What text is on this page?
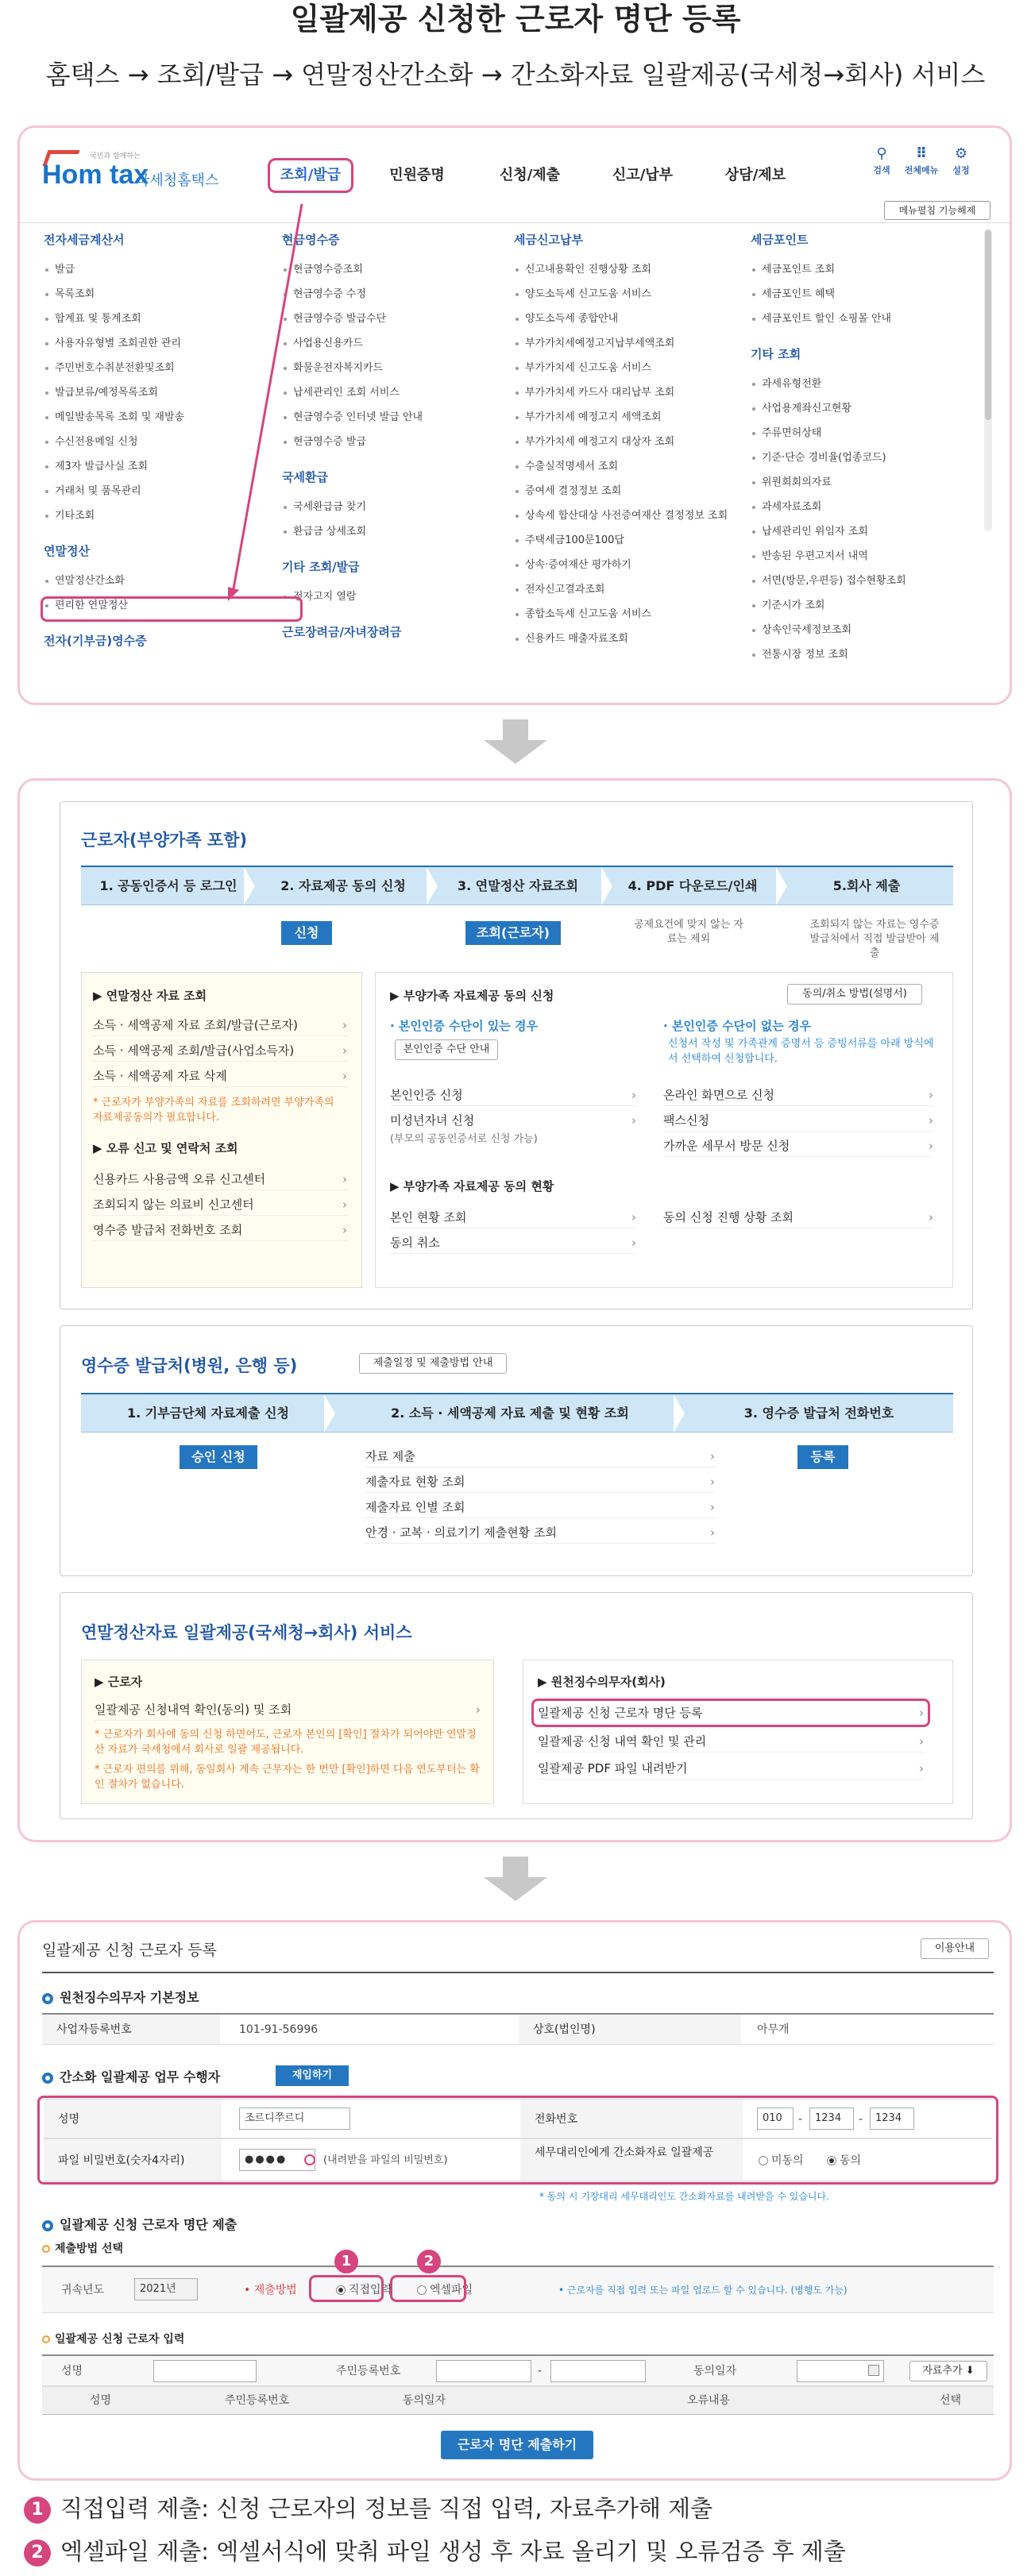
일괄제공 신청한 근로자 명단 등록
홈택스 → 조회/발급 → 연말정산간소화 → 간소화자료 일괄제공(국세청→회사) 서비스
국민과 함께하는
Hom tax
국세청홈택스	조회/발급	민원증명	신청/제출	신고/납부	상담/제보
⚲
검색
⠿
전체메뉴
⚙
설정
메뉴펼침 기능해제
전자세금계산서
발급
목록조회
합계표 및 통계조회
사용자유형별 조회권한 관리
주민번호수취분전환및조회
발급보류/예정목록조회
메일발송목록 조회 및 재발송
수신전용메일 신청
제3자 발급사실 조회
거래처 및 품목관리
기타조회
연말정산
연말정산간소화
편리한 연말정산
전자(기부금)영수증
현금영수증
현금영수증조회
현금영수증 수정
현금영수증 발급수단
사업용신용카드
화물운전자복지카드
납세관리인 조회 서비스
현금영수증 인터넷 발급 안내
현금영수증 발급
국세환급
국세환급금 찾기
환급금 상세조회
기타 조회/발급
전자고지 열람
근로장려금/자녀장려금
세금신고납부
신고내용확인 진행상황 조회
양도소득세 신고도움 서비스
양도소득세 종합안내
부가가치세예정고지납부세액조회
부가가치세 신고도움 서비스
부가가치세 카드사 대리납부 조회
부가가치세 예정고지 세액조회
부가가치세 예정고지 대상자 조회
수출실적명세서 조회
증여세 결정정보 조회
상속세 합산대상 사전증여재산 결정정보 조회
주택세금100문100답
상속·증여재산 평가하기
전자신고결과조회
종합소득세 신고도움 서비스
신용카드 매출자료조회
세금포인트
세금포인트 조회
세금포인트 혜택
세금포인트 할인 쇼핑몰 안내
기타 조회
과세유형전환
사업용계좌신고현황
주류면허상태
기준·단순 경비율(업종코드)
위원회회의자료
과세자료조회
납세관리인 위임자 조회
반송된 우편고지서 내역
서면(방문,우편등) 접수현황조회
기준시가 조회
상속인국세정보조회
전통시장 정보 조회
근로자(부양가족 포함)
1. 공동인증서 등 로그인	2. 자료제공 동의 신청	3. 연말정산 자료조회	4. PDF 다운로드/인쇄	5.회사 제출
신청	조회(근로자)
공제요건에 맞지 않는 자료는 제외
조회되지 않는 자료는 영수증 발급처에서 직접 발급받아 제출
▶ 연말정산 자료 조회
소득 · 세액공제 자료 조회/발급(근로자)	›
소득 · 세액공제 조회/발급(사업소득자)	›
소득 · 세액공제 자료 삭제	›
* 근로자가 부양가족의 자료를 조회하려면 부양가족의 자료제공동의가 필요합니다.
▶ 오류 신고 및 연락처 조회
신용카드 사용금액 오류 신고센터	›
조회되지 않는 의료비 신고센터	›
영수증 발급처 전화번호 조회	›
▶ 부양가족 자료제공 동의 신청	동의/취소 방법(설명서)
· 본인인증 수단이 있는 경우
본인인증 수단 안내
· 본인인증 수단이 없는 경우
신청서 작성 및 가족관계 증명서 등 증빙서류를 아래 방식에서 선택하여 신청합니다.
본인인증 신청	›
미성년자녀 신청	›
(부모의 공동인증서로 신청 가능)
온라인 화면으로 신청	›
팩스신청	›
가까운 세무서 방문 신청	›
▶ 부양가족 자료제공 동의 현황
본인 현황 조회	›
동의 취소	›
동의 신청 진행 상황 조회	›
영수증 발급처(병원, 은행 등)	제출일정 및 제출방법 안내
1. 기부금단체 자료제출 신청	2. 소득 · 세액공제 자료 제출 및 현황 조회	3. 영수증 발급처 전화번호
승인 신청	등록
자료 제출	›
제출자료 현황 조회	›
제출자료 인별 조회	›
안경 · 교복 · 의료기기 제출현황 조회	›
연말정산자료 일괄제공(국세청→회사) 서비스
▶ 근로자
일괄제공 신청내역 확인(동의) 및 조회	›
* 근로자가 회사에 동의 신청 하면어도, 근로자 본인의 [확인] 절차가 되어야만 연말정산 자료가 국세청에서 회사로 일괄 제공됩니다.
* 근로자 편의를 위해, 동일회사 계속 근무자는 한 번만 [확인]하면 다음 연도부터는 확인 절차가 없습니다.
▶ 원천징수의무자(회사)
일괄제공 신청 근로자 명단 등록	›
일괄제공 신청 내역 확인 및 관리	›
일괄제공 PDF 파일 내려받기	›
일괄제공 신청 근로자 등록	이용안내
원천징수의무자 기본정보
사업자등록번호	101-91-56996	상호(법인명)	아무개
간소화 일괄제공 업무 수행자	재입하기
성명	조르디쭈르디	전화번호	010	-	1234	-	1234
파일 비밀번호(숫자4자리)	●●●●	(내려받을 파일의 비밀번호)
세무대리인에게 간소화자료 일괄제공
미동의	동의
* 동의 시 기장대리 세무대리인도 간소화자료를 내려받을 수 있습니다.
일괄제공 신청 근로자 명단 제출
제출방법 선택
귀속년도	2021년	• 제출방법	직접입력	엑셀파일	• 근로자를 직접 입력 또는 파일 업로드 할 수 있습니다. (병행도 가능)
1	2
일괄제공 신청 근로자 입력
성명	주민등록번호	-	동의일자	자료추가 ⬇
성명	주민등록번호	동의일자	오류내용	선택
근로자 명단 제출하기
1 직접입력 제출: 신청 근로자의 정보를 직접 입력, 자료추가해 제출
2 엑셀파일 제출: 엑셀서식에 맞춰 파일 생성 후 자료 올리기 및 오류검증 후 제출
